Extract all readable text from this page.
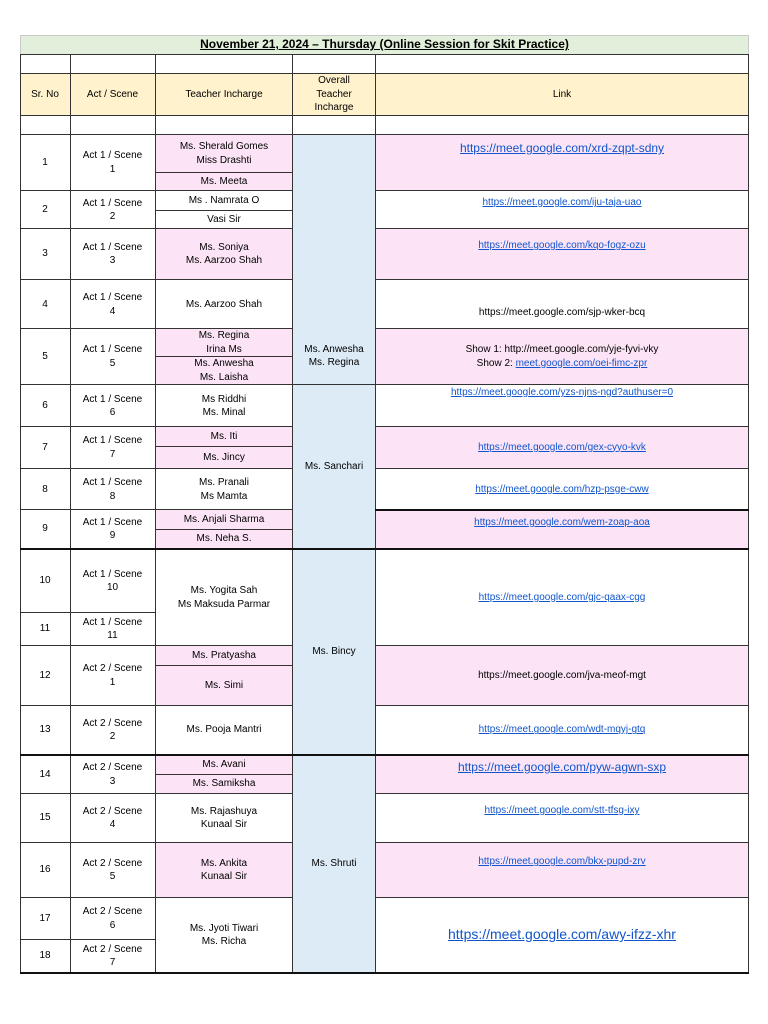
November 21, 2024 – Thursday (Online Session for Skit Practice)
Sr. No	Act / Scene	Teacher Incharge
Overall
Teacher
Incharge
Link
1
2
3
4
5
6
7
8
9
10
11
12
13
14
15
16
17
18
Act 1 / Scene
1
Act 1 / Scene
2
Act 1 / Scene
3
Act 1 / Scene
4
Act 1 / Scene
5
Act 1 / Scene
6
Act 1 / Scene
7
Act 1 / Scene
8
Act 1 / Scene
9
Act 1 / Scene
10
Act 1 / Scene
11
Act 2 / Scene
1
Act 2 / Scene
2
Act 2 / Scene
3
Act 2 / Scene
4
Act 2 / Scene
5
Act 2 / Scene
6
Act 2 / Scene
7
Ms. Sherald Gomes
Miss Drashti
Ms. Meeta
Ms . Namrata O
Vasi Sir
Ms. Soniya
Ms. Aarzoo Shah
Ms. Aarzoo Shah
Ms. Regina
Irina Ms
Ms. Anwesha
Ms. Laisha
Ms Riddhi
Ms. Minal
Ms. Iti
Ms. Jincy
Ms. Pranali
Ms Mamta
Ms. Anjali Sharma
Ms. Neha S.
Ms. Yogita Sah
Ms Maksuda Parmar
Ms. Pratyasha
Ms. Simi
Ms. Pooja Mantri
Ms. Avani
Ms. Samiksha
Ms. Rajashuya
Kunaal Sir
Ms. Ankita
Kunaal Sir
Ms. Jyoti Tiwari
Ms. Richa
Ms. Anwesha
Ms. Regina
Ms. Sanchari
Ms. Bincy
Ms. Shruti
https://meet.google.com/xrd-zqpt-sdny
https://meet.google.com/iju-taja-uao
https://meet.google.com/kqo-fogz-ozu
https://meet.google.com/sjp-wker-bcq
Show 1: http://meet.google.com/yje-fyvi-vky
Show 2: meet.google.com/oei-fimc-zpr
https://meet.google.com/yzs-njns-ngd?authuser=0
https://meet.google.com/gex-cyyo-kvk
https://meet.google.com/hzp-psge-cww
https://meet.google.com/wem-zoap-aoa
https://meet.google.com/gjc-qaax-cgg
https://meet.google.com/jva-meof-mgt
https://meet.google.com/wdt-mqyj-gtq
https://meet.google.com/pyw-agwn-sxp
https://meet.google.com/stt-tfsg-ixy
https://meet.google.com/bkx-pupd-zrv
https://meet.google.com/awy-ifzz-xhr
